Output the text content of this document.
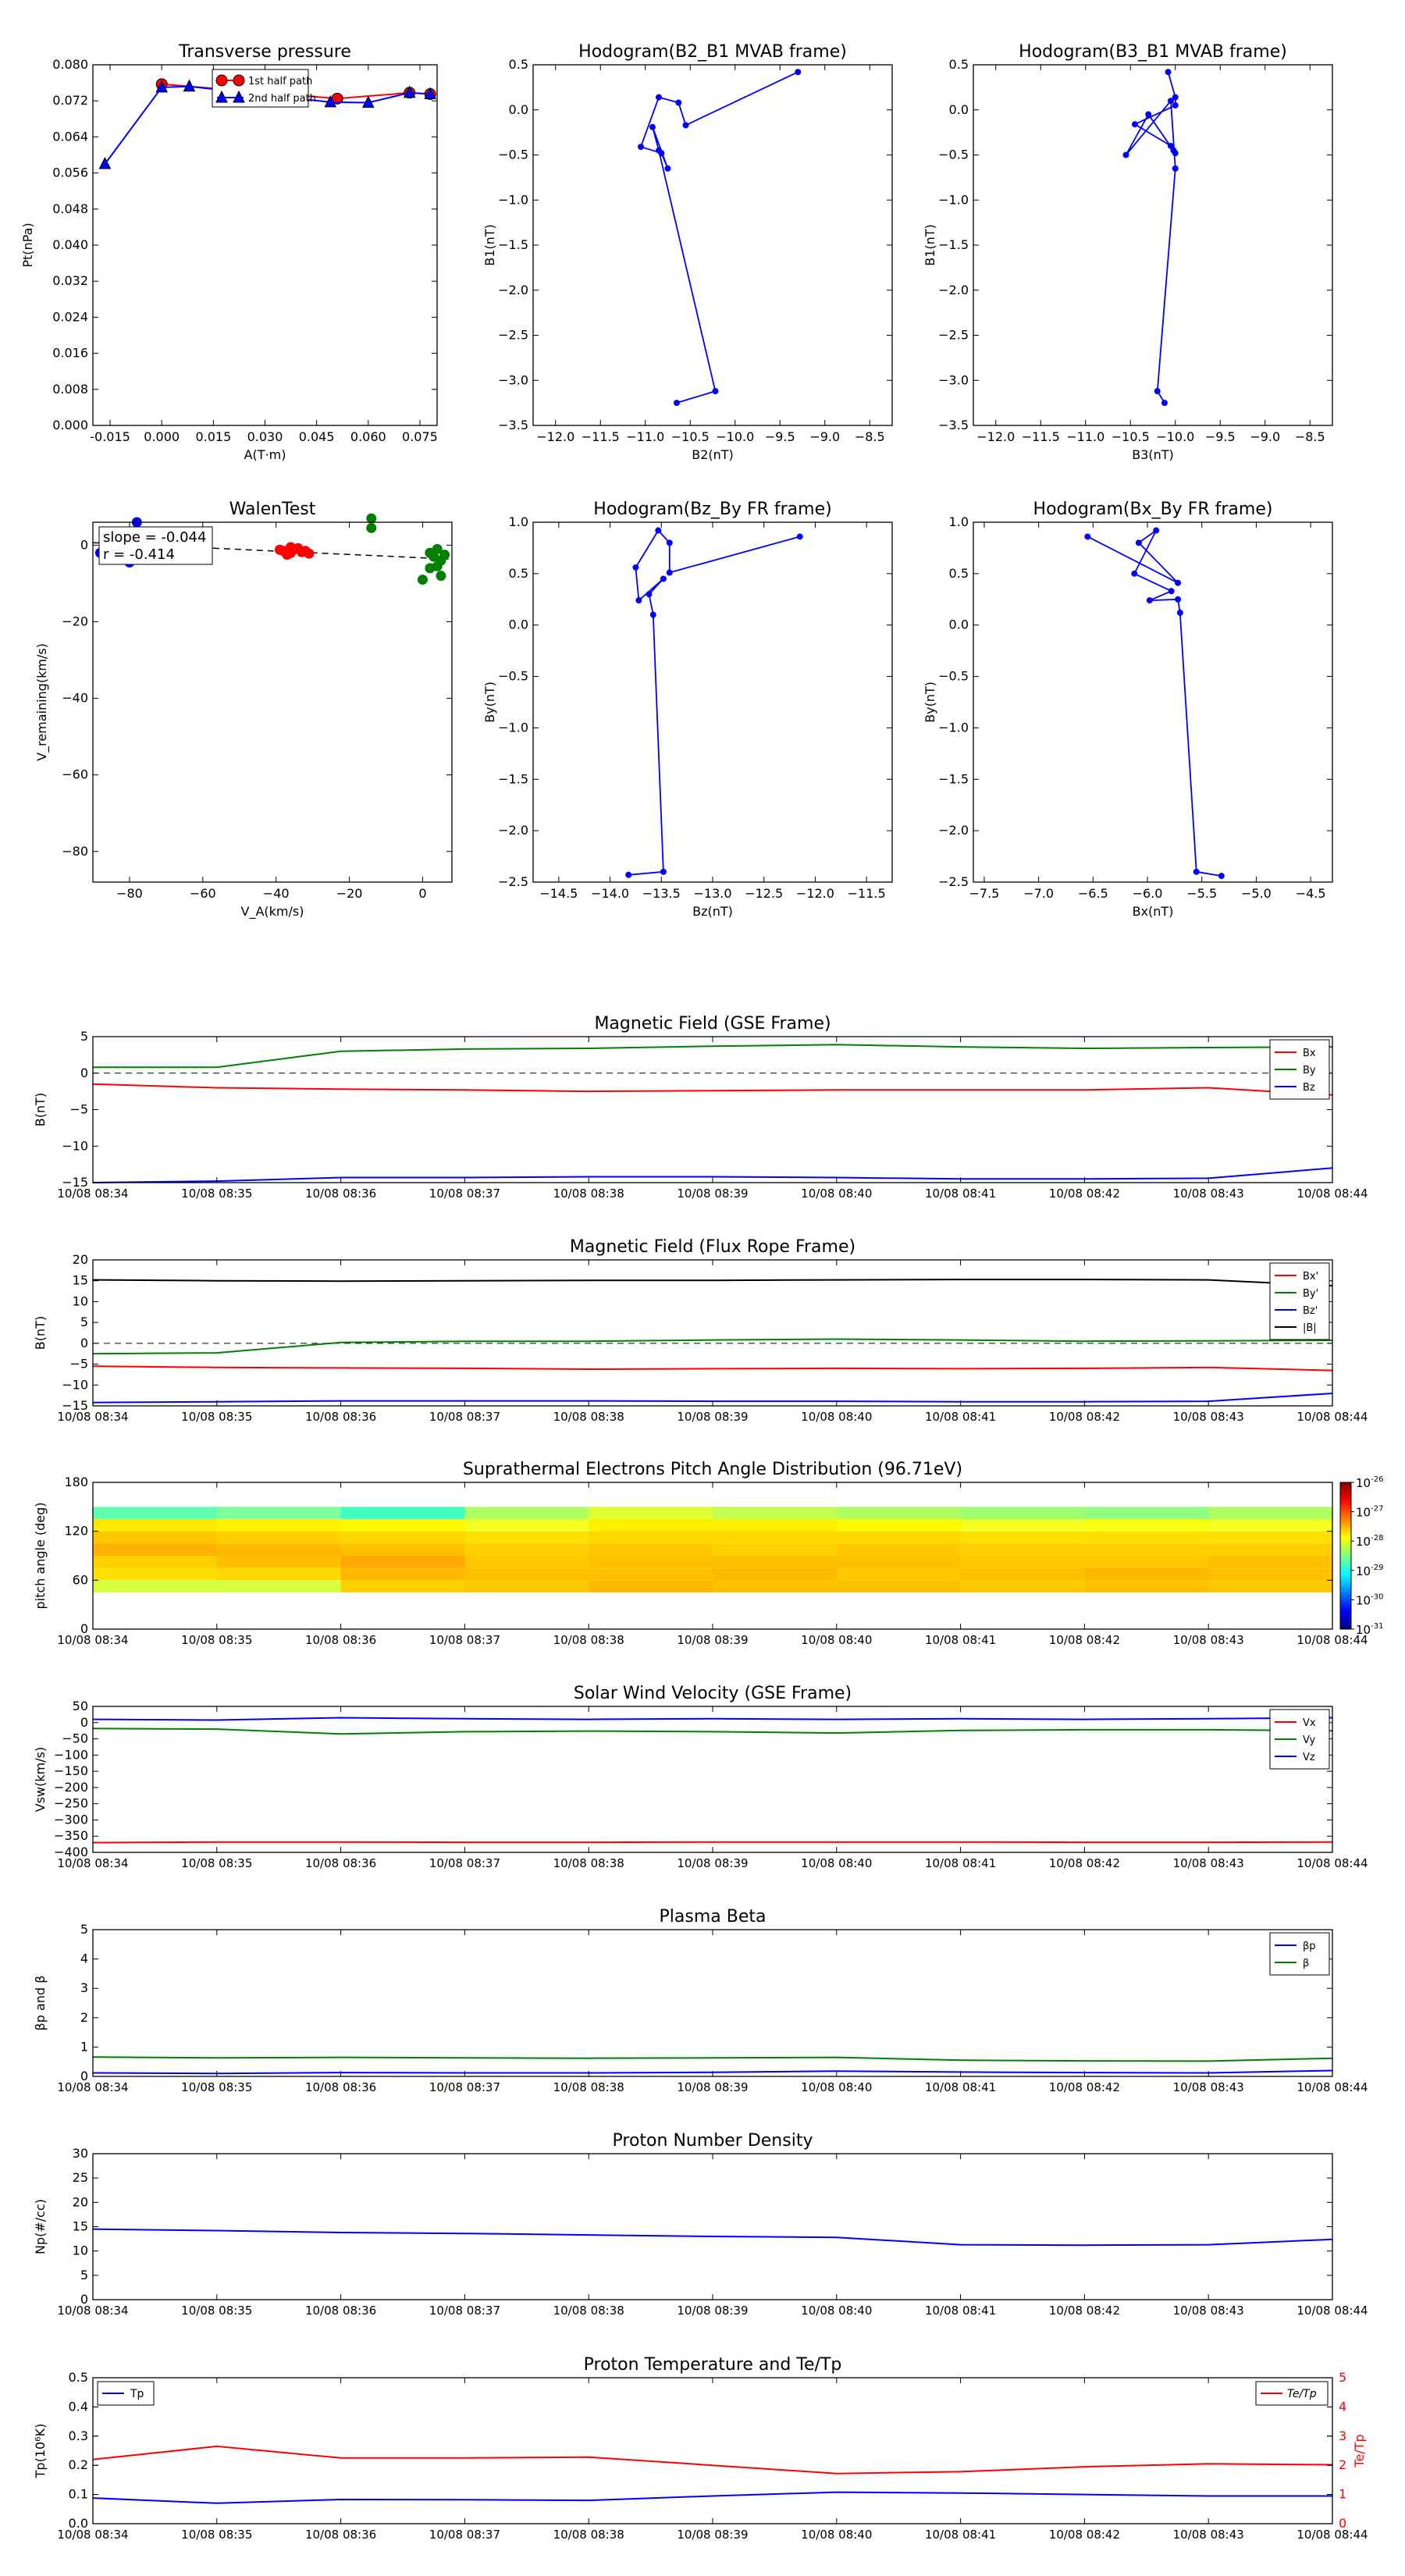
0.000
0.008
0.016
0.024
0.032
0.040
0.048
0.056
0.064
0.072
0.080
-0.015 0.000 0.015 0.030 0.045 0.060 0.075
A(T·m)
Transverse pressure
Pt(nPa)
1st half path
2nd half path
−3.5
−3.0
−2.5
−2.0
−1.5
−1.0
−0.5
0.0
0.5
−12.0 −11.5 −11.0 −10.5 −10.0 −9.5 −9.0 −8.5
B2(nT)
Hodogram(B2_B1 MVAB frame)
B1(nT)
−3.5
−3.0
−2.5
−2.0
−1.5
−1.0
−0.5
0.0
0.5
−12.0 −11.5 −11.0 −10.5 −10.0 −9.5 −9.0 −8.5
B3(nT)
Hodogram(B3_B1 MVAB frame)
B1(nT)
−80
−60
−40
−20
0
−80	−60	−40	−20	0
V_A(km/s)
WalenTest
V_remaining(km/s)
slope = -0.044
r = -0.414
−2.5
−2.0
−1.5
−1.0
−0.5
0.0
0.5
1.0
−14.5 −14.0 −13.5 −13.0 −12.5 −12.0 −11.5
Bz(nT)
Hodogram(Bz_By FR frame)
By(nT)
−2.5
−2.0
−1.5
−1.0
−0.5
0.0
0.5
1.0
−7.5 −7.0 −6.5 −6.0 −5.5 −5.0 −4.5
Bx(nT)
Hodogram(Bx_By FR frame)
By(nT)
−15
−10
−5
0
5
10/08 08:34	10/08 08:35	10/08 08:36	10/08 08:37	10/08 08:38	10/08 08:39	10/08 08:40	10/08 08:41	10/08 08:42	10/08 08:43	10/08 08:44
Magnetic Field (GSE Frame)
B(nT)
Bx
By
Bz
−15
−10
−5
0
5
10
15
20
10/08 08:34	10/08 08:35	10/08 08:36	10/08 08:37	10/08 08:38	10/08 08:39	10/08 08:40	10/08 08:41	10/08 08:42	10/08 08:43	10/08 08:44
Magnetic Field (Flux Rope Frame)
B(nT)
Bx'
By'
Bz'
|B|
$10^{-26}$
$10^{-27}$
$10^{-28}$
$10^{-29}$
$10^{-30}$
$10^{-31}$
0
60
120
180
10/08 08:34	10/08 08:35	10/08 08:36	10/08 08:37	10/08 08:38	10/08 08:39	10/08 08:40	10/08 08:41	10/08 08:42	10/08 08:43	10/08 08:44
Suprathermal Electrons Pitch Angle Distribution (96.71eV)
pitch angle (deg)
−400
−350
−300
−250
−200
−150
−100
−50
0
50
10/08 08:34	10/08 08:35	10/08 08:36	10/08 08:37	10/08 08:38	10/08 08:39	10/08 08:40	10/08 08:41	10/08 08:42	10/08 08:43	10/08 08:44
Solar Wind Velocity (GSE Frame)
Vsw(km/s)
Vx
Vy
Vz
0
1
2
3
4
5
10/08 08:34	10/08 08:35	10/08 08:36	10/08 08:37	10/08 08:38	10/08 08:39	10/08 08:40	10/08 08:41	10/08 08:42	10/08 08:43	10/08 08:44
Plasma Beta
βp and β
βp
β
0
5
10
15
20
25
30
10/08 08:34	10/08 08:35	10/08 08:36	10/08 08:37	10/08 08:38	10/08 08:39	10/08 08:40	10/08 08:41	10/08 08:42	10/08 08:43	10/08 08:44
Proton Number Density
Np(#/cc)
0.0
0.1
0.2
0.3
0.4
0.5
0
1
2
3
4
5
10/08 08:34	10/08 08:35	10/08 08:36	10/08 08:37	10/08 08:38	10/08 08:39	10/08 08:40	10/08 08:41	10/08 08:42	10/08 08:43	10/08 08:44
Proton Temperature and Te/Tp
Tp(10⁶K)	Te/Tp
Tp	Te/Tp
